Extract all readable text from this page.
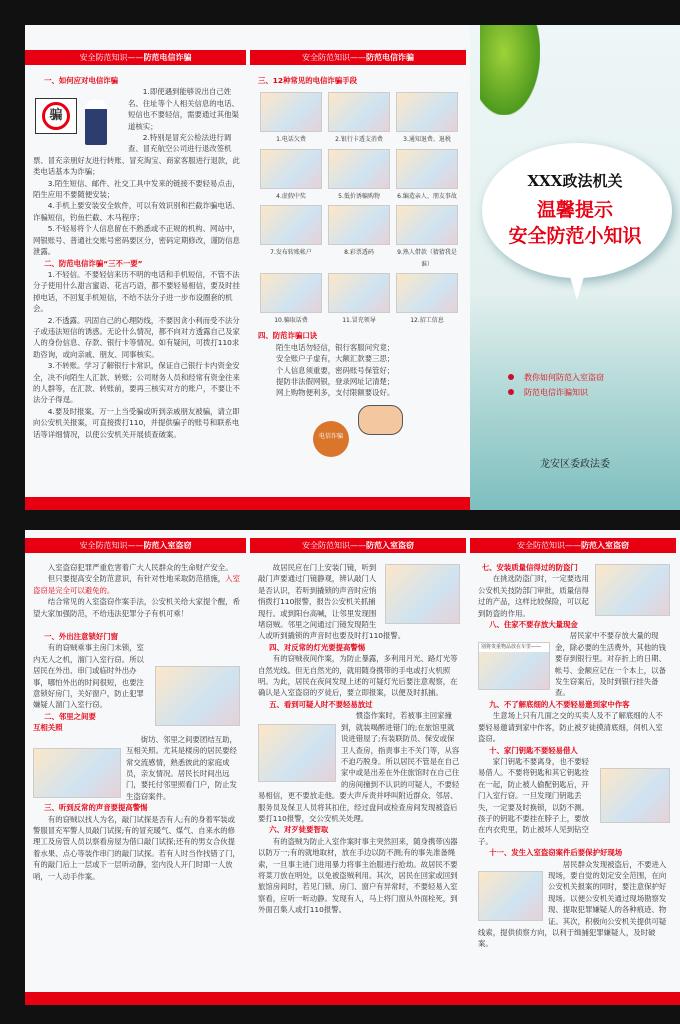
安全防范知识——防范电信诈骗
一、如何应对电信诈骗
骗

1.即使遇到能够说出自己姓名、住址等个人相关信息的电话、短信也不要轻信，需要通过其他渠道核实；

2.特别是冒充公检法进行调查、冒充航空公司进行退改签机票、冒充亲朋好友进行转账、冒充淘宝、商家客服进行退款，此类电话基本为诈骗；

3.陌生短信、邮件、社交工具中发来的链接不要轻易点击，陌生应用不要随便安装；

4.手机上要安装安全软件，可以有效识别和拦截诈骗电话、诈骗短信，钓鱼拦截、木马程序；

5.不轻易将个人信息留在不熟悉或不正规的机构、网站中，网银账号、普通社交账号密码要区分，密码定期修改，谨防信息泄露。

二、防范电信诈骗“三不一要”

1.不轻信。不要轻信来历不明的电话和手机短信，不管不法分子使用什么甜言蜜语、花言巧语，都不要轻易相信，要及时挂掉电话，不回复手机短信，不给不法分子进一步布设圈套的机会。

2.不透露。巩固自己的心理防线，不要因贪小利而受不法分子或违法短信的诱惑。无论什么情况，都不向对方透露自己及家人的身份信息、存款、银行卡等情况。如有疑问，可拨打110求助咨询，或向亲戚、朋友、同事核实。

3.不转账。学习了解银行卡常识，保证自己银行卡内资金安全，决不向陌生人汇款、转账；公司财务人员和经常有资金往来的人群等，在汇款、转账前，要再三核实对方的账户，不要让不法分子得逞。

4.要及时报案。万一上当受骗或听到亲戚朋友被骗，请立即向公安机关报案，可直接拨打110，并提供骗子的账号和联系电话等详细情况，以使公安机关开展侦查破案。

安全防范知识——防范电信诈骗
三、12种常见的电信诈骗手段
1.电话欠费	2.银行卡透支消费	3.通知退费、退税
4.虚假中奖	5.低价诱骗购物	6.编造亲人、朋友事故
7.发布转账帐户	8.彩票透码	9.熟人借款（猜猜我是谁）
10.骗取话费	11.冒充领导	12.招工信息
四、防范诈骗口诀
陌生电话勿轻信，银行客服问究竟；
安全账户子虚有，大额汇款要三思；
个人信息须重要，密码账号保管好；
提防非法假网银，登录网址记清楚；
网上购物便利多，支付限额要设好。
电信诈骗
XXX政法机关
温馨提示
安全防范小知识
教你如何防范入室盗窃
防范电信诈骗知识
龙安区委政法委
安全防范知识——防范入室盗窃

入室盗窃犯罪严重危害着广大人民群众的生命财产安全。

但只要提高安全防范意识，有针对性地采取防范措施，入室盗窃是完全可以避免的。

结合常见的入室盗窃作案手法，公安机关给大家提个醒，希望大家加强防范，不给违法犯罪分子有机可乘！

一、外出注意锁好门窗

有的窃贼乘事主房门未锁，室内无人之机，溜门入室行窃。所以居民在外出、串门或临时外出办事，哪怕外出的时间很短，也要注意锁好房门，关好窗户，防止犯罪嫌疑人溜门入室行窃。

二、邻里之间要
互相关照

街坊、邻里之间要团结互助，互相关照。尤其是楼房的居民要经常交流感情，熟悉彼此的家庭成员，亲友情况。居民长时间出远门，要托付邻里照看门户，防止发生盗窃案件。

三、听到反常的声音要提高警惕

有的窃贼以找人为名，敲门试探是否有人;有的身着军装或警服冒充军警人员敲门试探;有的冒充暖气、煤气、自来水的修理工及房管人员以察看房屋为借口敲门试探;还有的男女合伙提着水果、点心等装作串门的敲门试探。若有人时当作找错了门，有的敲门后上一层或下一层听动静，室内没人开门时即一人放哨，一人动手作案。

安全防范知识——防范入室盗窃

故居民应在门上安装门镜，听到敲门声要通过门镜静观，辨认敲门人是否认识，若听到撬锁的声音时应悄悄拨打110报警，报告公安机关抓捕现行。或到阳台高喊，让邻里发现围堵窃贼。邻里之间通过门镜发现陌生人或听到撬锁的声音时也要及时打110报警。

四、对反常的灯光要提高警惕

有的窃贼夜间作案，为防止暴露，多利用月光、路灯光等自然光线。但无自然光的，就用随身携带的手电或打火机照明。为此，居民在夜间发现上述的可疑灯光后要注意观察，在确认是入室盗窃的歹徒后，要立即报案，以便及时抓捕。

五、看到可疑人时不要轻易放过

惯盗作案时，若被事主回家撞到，就装喝醉进错门的;在旅馆里就说进错屋了;有装联防员、保安或保卫人查房，指责事主不关门等，从容不迫巧脱身。所以居民不管是在自己家中或是出差在外住旅馆时在自己住的房间撞到不认识的可疑人，不要轻易相信，更不要放走他。要大声斥责并呼叫附近群众、邻居、服务员及保卫人员将其扣住，经过盘问或检查房间发现被盗后要打110报警，交公安机关处理。

六、对歹徒要智取

有的盗贼为防止入室作案时事主突然回来，随身携带凶器以防万一;有的就地取材，放在手边以防不测;有的事先准备绳索，一旦事主进门进用暴力将事主治服进行抢劫。故居民不要将菜刀放在明处，以免被盗贼利用。其次，居民在回家或回到旅馆房间时，若见门锁、房门、窗户有异常时，不要轻易入室察看，应听一听动静。发现有人，马上将门窗从外面栓死，到外面召集人或打110报警。

安全防范知识——防范入室盗窃
七、安装质量信得过的防盗门

在挑选防盗门时，一定要选用公安机关技防部门审批，质量信得过的产品，这样比较保险，可以起到防盗的作用。

八、住家不要存放大量现金
别将贵重物品放在车里——

居民家中不要存放大量的现金，除必要的生活费外，其他的钱要存到银行里。对存折上的日期、帐号、金额应记在一个本上，以备发生窃案后，及时到银行挂失备查。

九、不了解底细的人不要轻易邀到家中作客

生意场上只有几面之交的买卖人及不了解底细的人不要轻易邀请到家中作客，防止被歹徒摸清底细，伺机入室盗窃。

十、家门钥匙不要轻易借人

家门钥匙不要离身，也不要轻易借人。不要将钥匙和其它钥匙拴在一起，防止被人偷配钥匙后，开门入室行窃。一旦发现门钥匙丢失，一定要及时换锁，以防不测。孩子的钥匙不要挂在脖子上，要放在内衣兜里，防止被坏人见到钻空子。

十一、发生入室盗窃案件后要保护好现场

居民群众发现被盗后，不要进入现场，要自觉的划定安全范围，在向公安机关报案的同时，要注意保护好现场。以便公安机关通过现场勘察发现、提取犯罪嫌疑人的各种痕迹、物证。其次，积极向公安机关提供可疑线索，提供侦察方向，以利于缉捕犯罪嫌疑人，及时破案。
